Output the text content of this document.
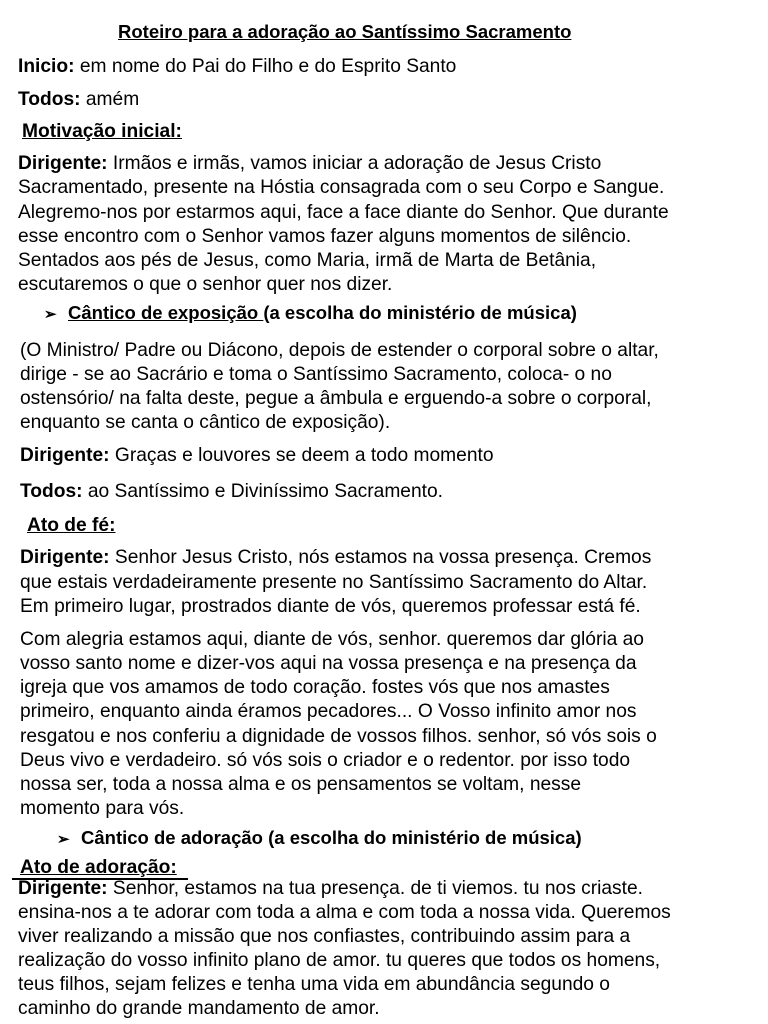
Roteiro para a adoração ao Santíssimo Sacramento
Inicio: em nome do Pai do Filho e do Esprito Santo
Todos: amém
Motivação inicial:
Dirigente: Irmãos e irmãs, vamos iniciar a adoração de Jesus Cristo
Sacramentado, presente na Hóstia consagrada com o seu Corpo e Sangue.
Alegremo-nos por estarmos aqui, face a face diante do Senhor. Que durante
esse encontro com o Senhor vamos fazer alguns momentos de silêncio.
Sentados aos pés de Jesus, como Maria, irmã de Marta de Betânia,
escutaremos o que o senhor quer nos dizer.
➢ Cântico de exposição (a escolha do ministério de música)
(O Ministro/ Padre ou Diácono, depois de estender o corporal sobre o altar,
dirige - se ao Sacrário e toma o Santíssimo Sacramento, coloca- o no
ostensório/ na falta deste, pegue a âmbula e erguendo-a sobre o corporal,
enquanto se canta o cântico de exposição).
Dirigente: Graças e louvores se deem a todo momento
Todos: ao Santíssimo e Diviníssimo Sacramento.
Ato de fé:
Dirigente: Senhor Jesus Cristo, nós estamos na vossa presença. Cremos
que estais verdadeiramente presente no Santíssimo Sacramento do Altar.
Em primeiro lugar, prostrados diante de vós, queremos professar está fé.
Com alegria estamos aqui, diante de vós, senhor. queremos dar glória ao
vosso santo nome e dizer-vos aqui na vossa presença e na presença da
igreja que vos amamos de todo coração. fostes vós que nos amastes
primeiro, enquanto ainda éramos pecadores... O Vosso infinito amor nos
resgatou e nos conferiu a dignidade de vossos filhos. senhor, só vós sois o
Deus vivo e verdadeiro. só vós sois o criador e o redentor. por isso todo
nossa ser, toda a nossa alma e os pensamentos se voltam, nesse
momento para vós.
➢ Cântico de adoração (a escolha do ministério de música)
Ato de adoração:
Dirigente: Senhor, estamos na tua presença. de ti viemos. tu nos criaste.
ensina-nos a te adorar com toda a alma e com toda a nossa vida. Queremos
viver realizando a missão que nos confiastes, contribuindo assim para a
realização do vosso infinito plano de amor. tu queres que todos os homens,
teus filhos, sejam felizes e tenha uma vida em abundância segundo o
caminho do grande mandamento de amor.
